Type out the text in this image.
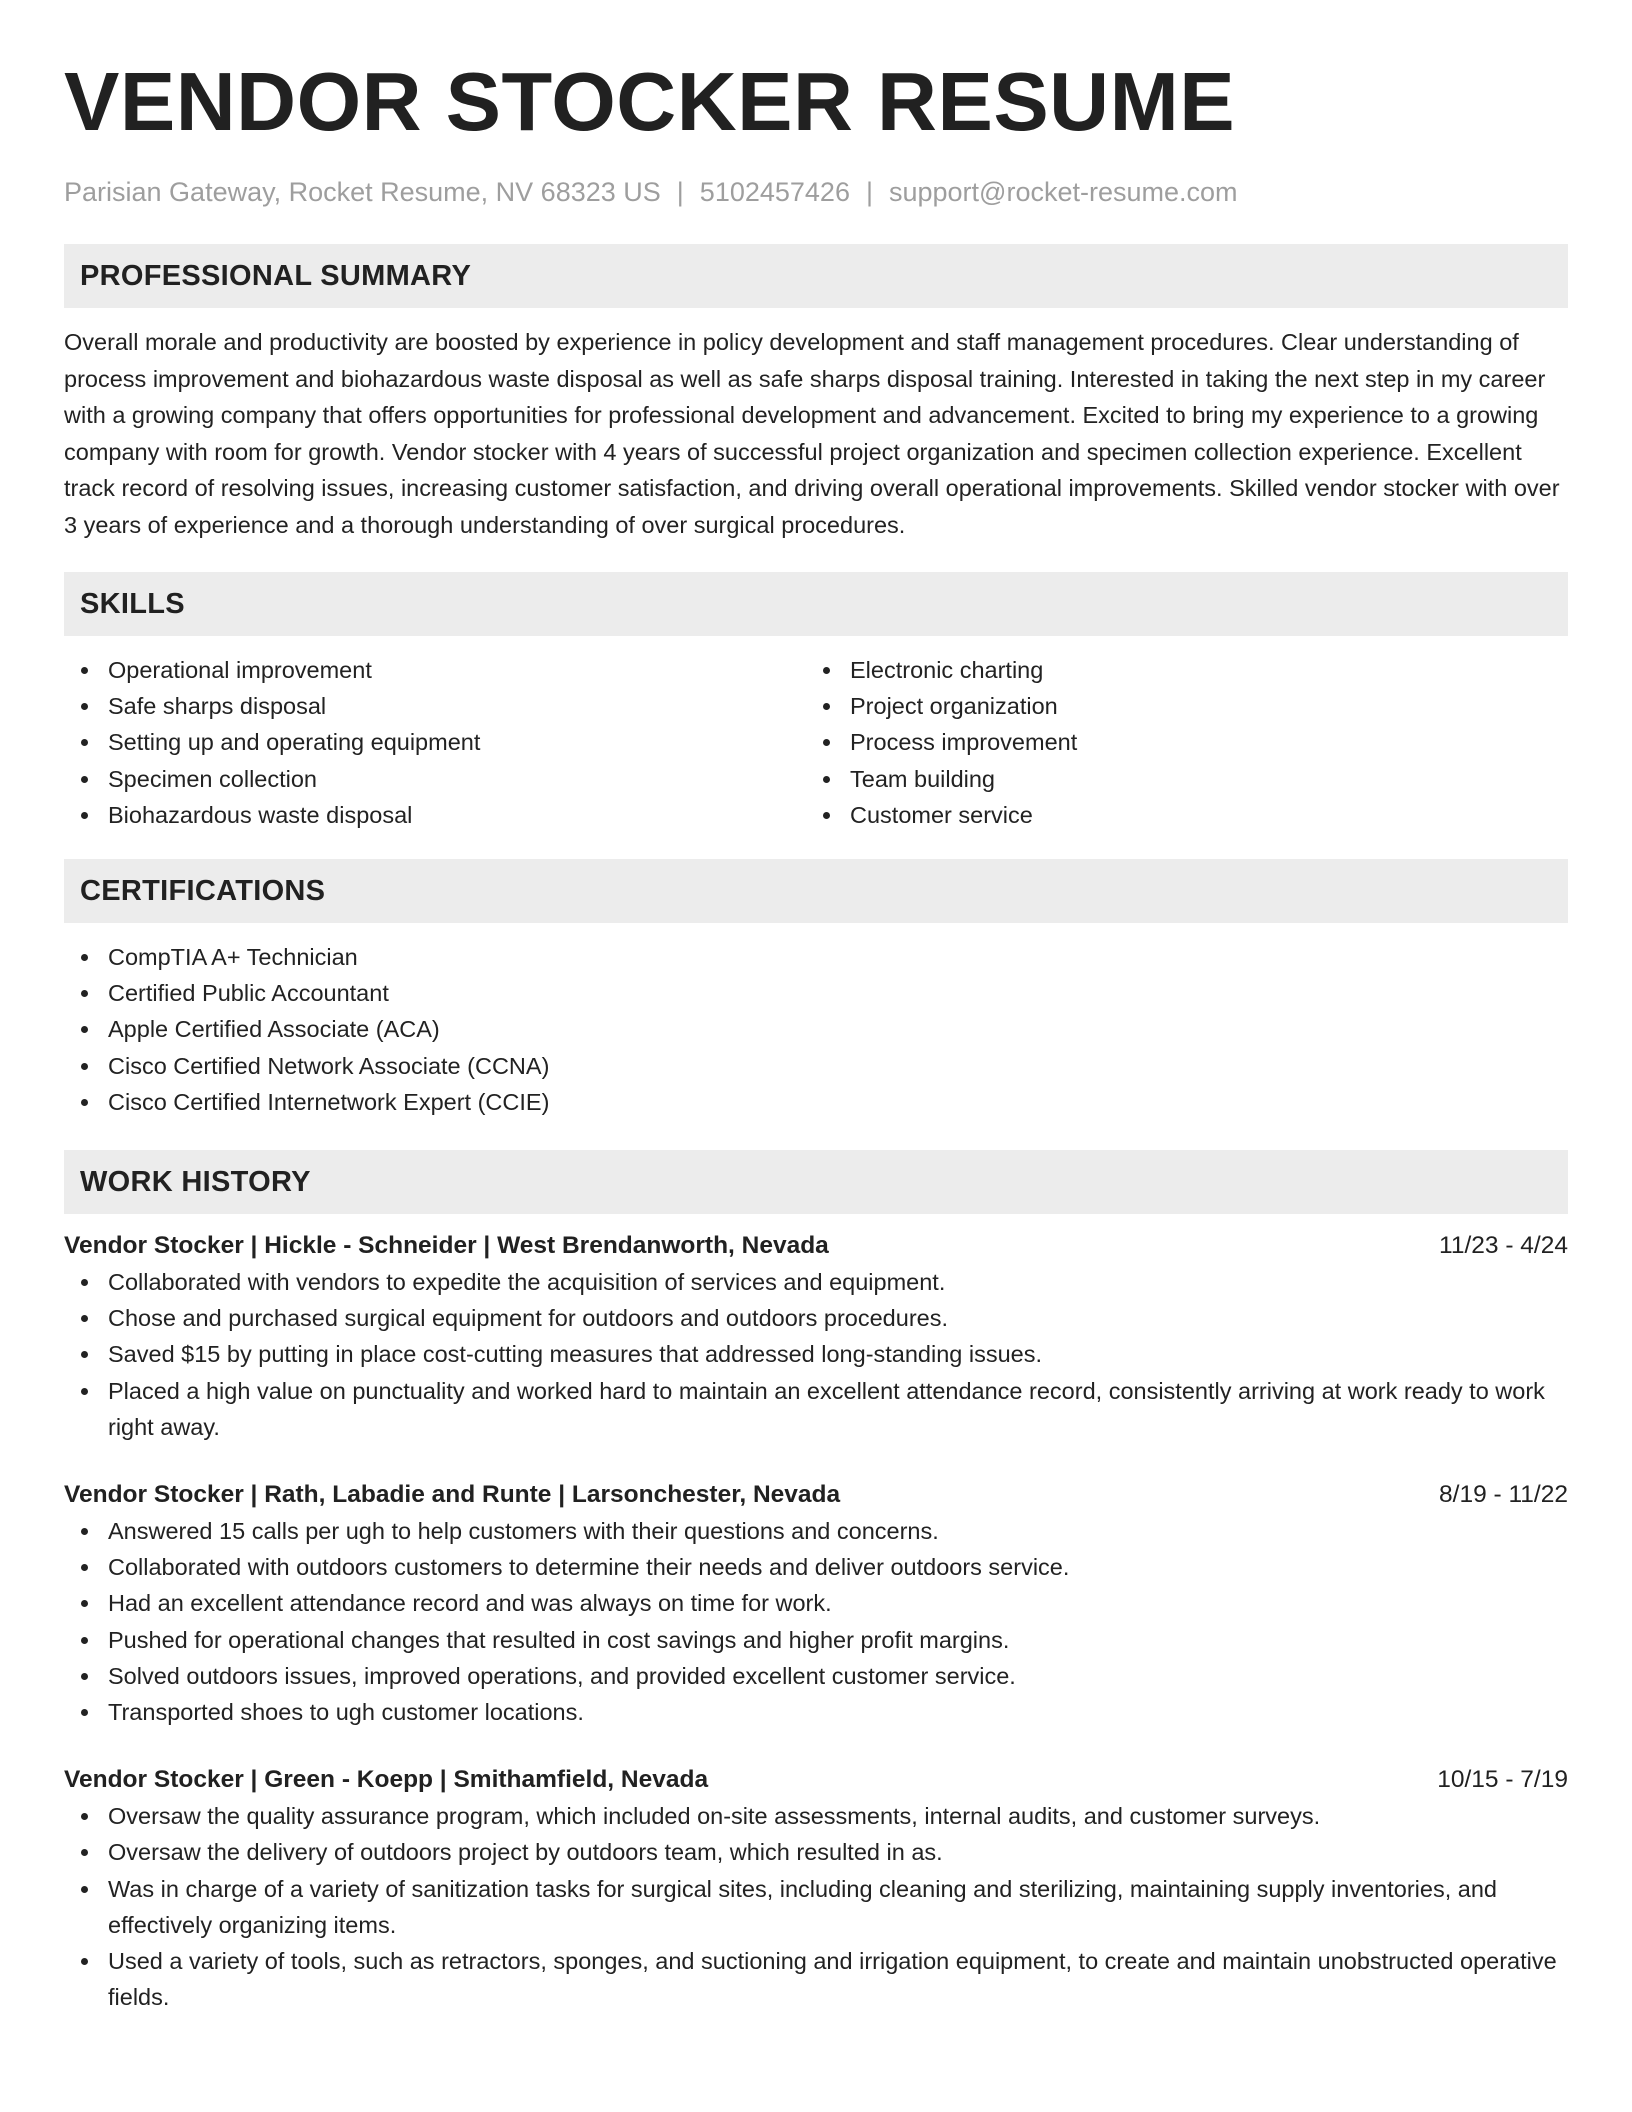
VENDOR STOCKER RESUME
Parisian Gateway, Rocket Resume, NV 68323 US | 5102457426 | support@rocket-resume.com
PROFESSIONAL SUMMARY

Overall morale and productivity are boosted by experience in policy development and staff management procedures. Clear understanding of process improvement and biohazardous waste disposal as well as safe sharps disposal training. Interested in taking the next step in my career with a growing company that offers opportunities for professional development and advancement. Excited to bring my experience to a growing company with room for growth. Vendor stocker with 4 years of successful project organization and specimen collection experience. Excellent track record of resolving issues, increasing customer satisfaction, and driving overall operational improvements. Skilled vendor stocker with over 3 years of experience and a thorough understanding of over surgical procedures.

SKILLS
Operational improvement
Safe sharps disposal
Setting up and operating equipment
Specimen collection
Biohazardous waste disposal
Electronic charting
Project organization
Process improvement
Team building
Customer service
CERTIFICATIONS
CompTIA A+ Technician
Certified Public Accountant
Apple Certified Associate (ACA)
Cisco Certified Network Associate (CCNA)
Cisco Certified Internetwork Expert (CCIE)
WORK HISTORY
Vendor Stocker | Hickle - Schneider | West Brendanworth, Nevada	11/23 - 4/24
Collaborated with vendors to expedite the acquisition of services and equipment.
Chose and purchased surgical equipment for outdoors and outdoors procedures.
Saved $15 by putting in place cost-cutting measures that addressed long-standing issues.
Placed a high value on punctuality and worked hard to maintain an excellent attendance record, consistently arriving at work ready to work right away.
Vendor Stocker | Rath, Labadie and Runte | Larsonchester, Nevada	8/19 - 11/22
Answered 15 calls per ugh to help customers with their questions and concerns.
Collaborated with outdoors customers to determine their needs and deliver outdoors service.
Had an excellent attendance record and was always on time for work.
Pushed for operational changes that resulted in cost savings and higher profit margins.
Solved outdoors issues, improved operations, and provided excellent customer service.
Transported shoes to ugh customer locations.
Vendor Stocker | Green - Koepp | Smithamfield, Nevada	10/15 - 7/19
Oversaw the quality assurance program, which included on-site assessments, internal audits, and customer surveys.
Oversaw the delivery of outdoors project by outdoors team, which resulted in as.
Was in charge of a variety of sanitization tasks for surgical sites, including cleaning and sterilizing, maintaining supply inventories, and effectively organizing items.
Used a variety of tools, such as retractors, sponges, and suctioning and irrigation equipment, to create and maintain unobstructed operative fields.
